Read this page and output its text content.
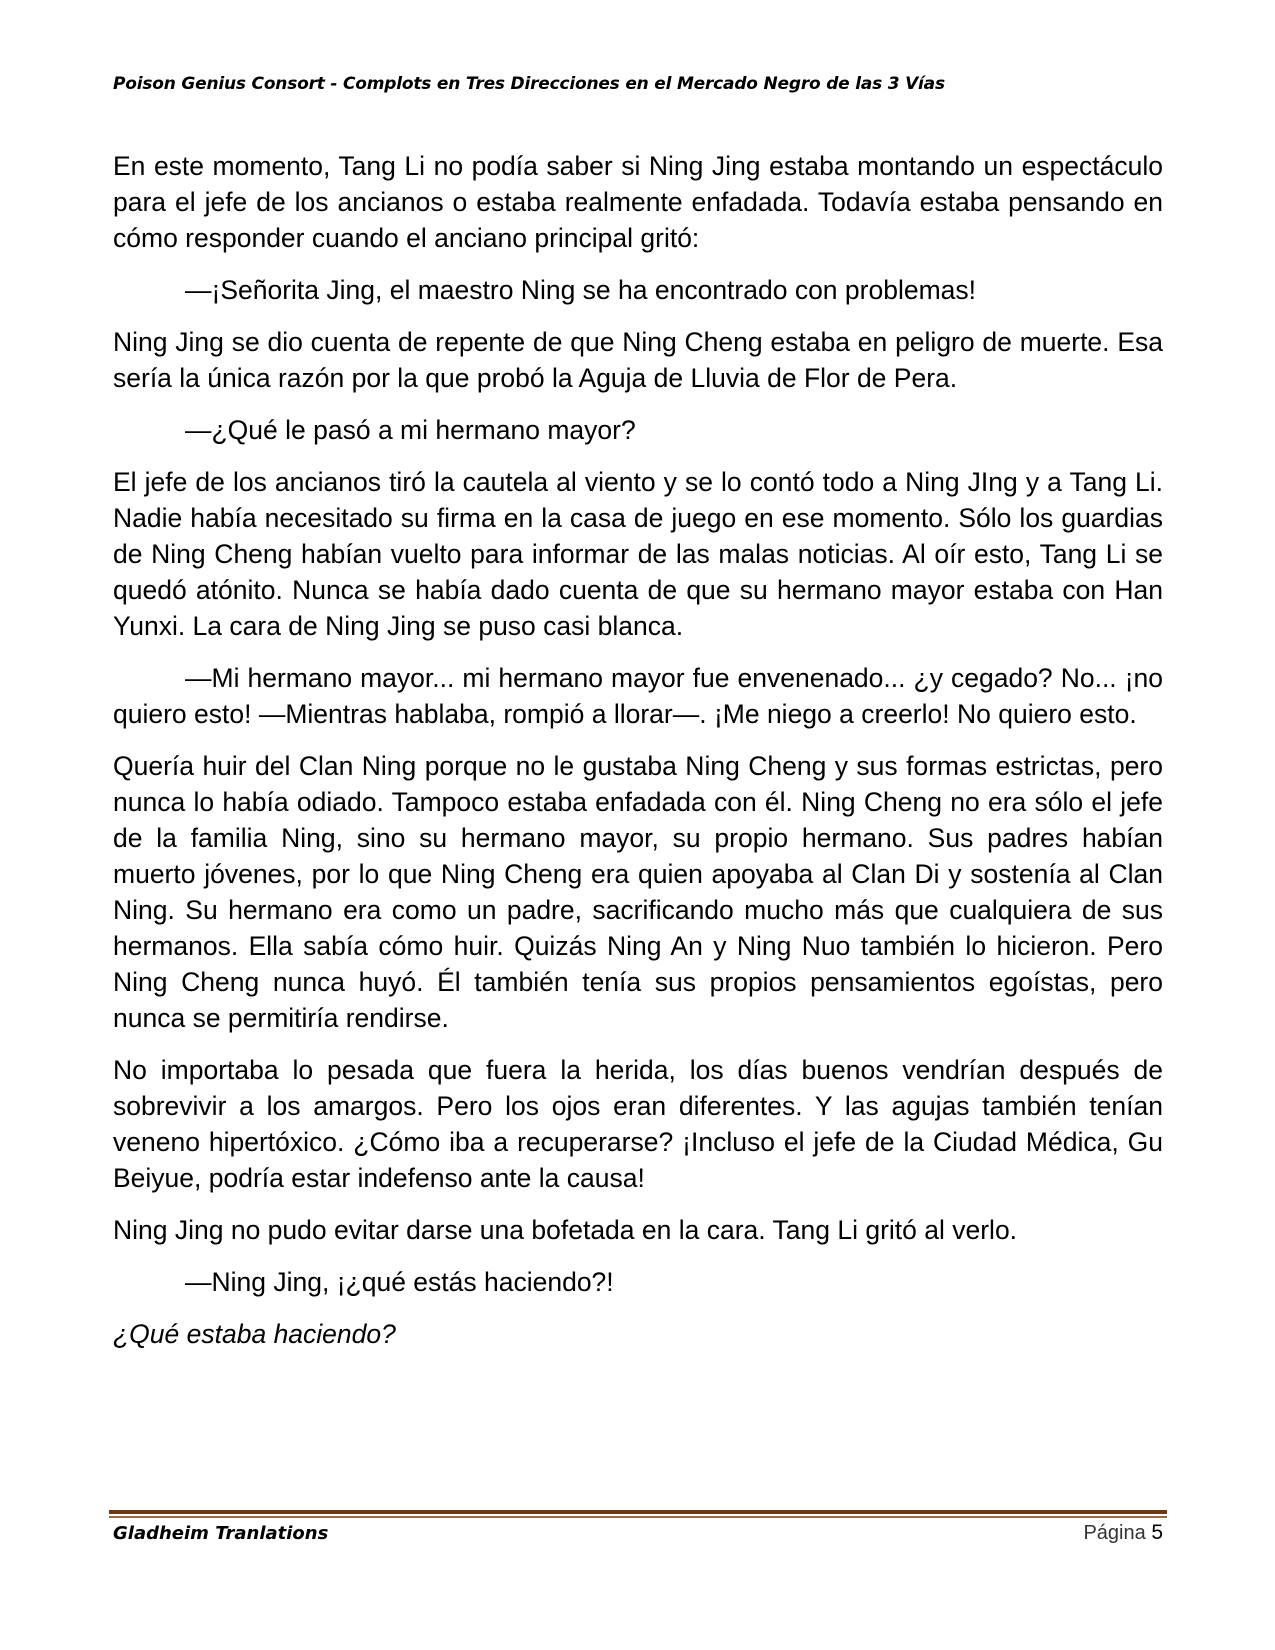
Poison Genius Consort - Complots en Tres Direcciones en el Mercado Negro de las 3 Vías

En este momento, Tang Li no podía saber si Ning Jing estaba montando un espectáculo para el jefe de los ancianos o estaba realmente enfadada. Todavía estaba pensando en cómo responder cuando el anciano principal gritó:

—¡Señorita Jing, el maestro Ning se ha encontrado con problemas!

Ning Jing se dio cuenta de repente de que Ning Cheng estaba en peligro de muerte. Esa sería la única razón por la que probó la Aguja de Lluvia de Flor de Pera.

—¿Qué le pasó a mi hermano mayor?

El jefe de los ancianos tiró la cautela al viento y se lo contó todo a Ning JIng y a Tang Li. Nadie había necesitado su firma en la casa de juego en ese momento. Sólo los guardias de Ning Cheng habían vuelto para informar de las malas noticias. Al oír esto, Tang Li se quedó atónito. Nunca se había dado cuenta de que su hermano mayor estaba con Han Yunxi. La cara de Ning Jing se puso casi blanca.

—Mi hermano mayor... mi hermano mayor fue envenenado... ¿y cegado? No... ¡no quiero esto! —Mientras hablaba, rompió a llorar—. ¡Me niego a creerlo! No quiero esto.

Quería huir del Clan Ning porque no le gustaba Ning Cheng y sus formas estrictas, pero nunca lo había odiado. Tampoco estaba enfadada con él. Ning Cheng no era sólo el jefe de la familia Ning, sino su hermano mayor, su propio hermano. Sus padres habían muerto jóvenes, por lo que Ning Cheng era quien apoyaba al Clan Di y sostenía al Clan Ning. Su hermano era como un padre, sacrificando mucho más que cualquiera de sus hermanos. Ella sabía cómo huir. Quizás Ning An y Ning Nuo también lo hicieron. Pero Ning Cheng nunca huyó. Él también tenía sus propios pensamientos egoístas, pero nunca se permitiría rendirse.

No importaba lo pesada que fuera la herida, los días buenos vendrían después de sobrevivir a los amargos. Pero los ojos eran diferentes. Y las agujas también tenían veneno hipertóxico. ¿Cómo iba a recuperarse? ¡Incluso el jefe de la Ciudad Médica, Gu Beiyue, podría estar indefenso ante la causa!

Ning Jing no pudo evitar darse una bofetada en la cara. Tang Li gritó al verlo.

—Ning Jing, ¡¿qué estás haciendo?!

¿Qué estaba haciendo?

Gladheim Tranlations	Página 5
